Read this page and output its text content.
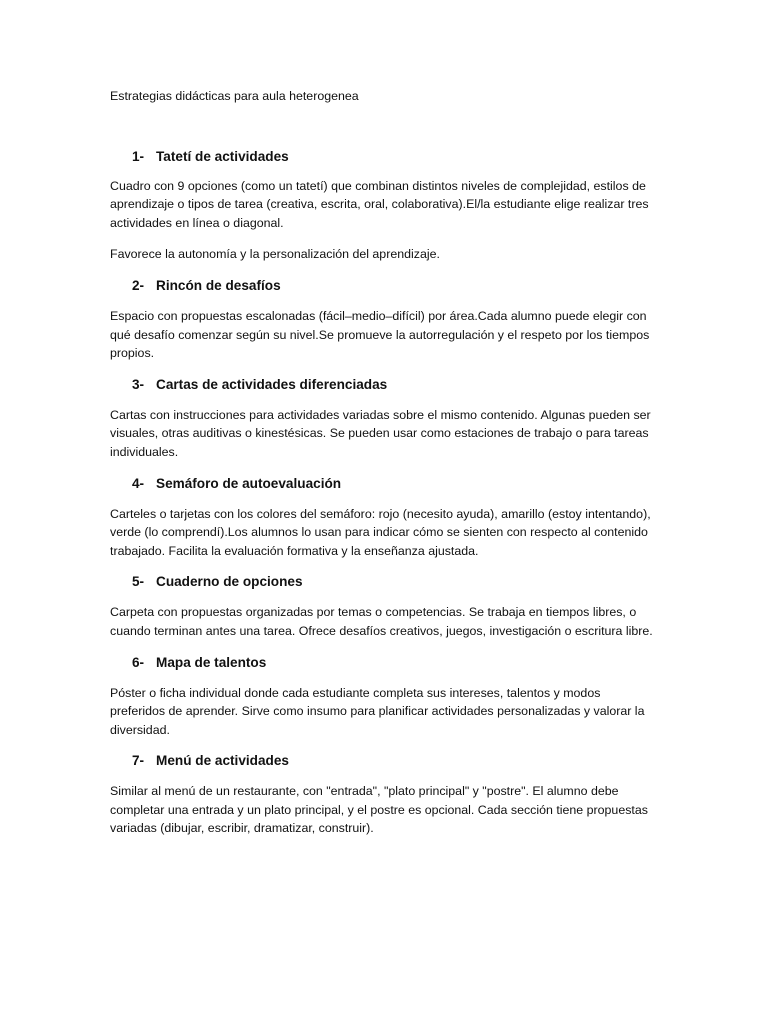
Estrategias didácticas para aula heterogenea

1- Tatetí de actividades

Cuadro con 9 opciones (como un tatetí) que combinan distintos niveles de complejidad, estilos de aprendizaje o tipos de tarea (creativa, escrita, oral, colaborativa).El/la estudiante elige realizar tres actividades en línea o diagonal.

Favorece la autonomía y la personalización del aprendizaje.

2- Rincón de desafíos

Espacio con propuestas escalonadas (fácil–medio–difícil) por área.Cada alumno puede elegir con qué desafío comenzar según su nivel.Se promueve la autorregulación y el respeto por los tiempos propios.

3- Cartas de actividades diferenciadas

Cartas con instrucciones para actividades variadas sobre el mismo contenido. Algunas pueden ser visuales, otras auditivas o kinestésicas. Se pueden usar como estaciones de trabajo o para tareas individuales.

4- Semáforo de autoevaluación

Carteles o tarjetas con los colores del semáforo: rojo (necesito ayuda), amarillo (estoy intentando), verde (lo comprendí).Los alumnos lo usan para indicar cómo se sienten con respecto al contenido trabajado. Facilita la evaluación formativa y la enseñanza ajustada.

5- Cuaderno de opciones

Carpeta con propuestas organizadas por temas o competencias. Se trabaja en tiempos libres, o cuando terminan antes una tarea. Ofrece desafíos creativos, juegos, investigación o escritura libre.

6- Mapa de talentos

Póster o ficha individual donde cada estudiante completa sus intereses, talentos y modos preferidos de aprender. Sirve como insumo para planificar actividades personalizadas y valorar la diversidad.

7- Menú de actividades

Similar al menú de un restaurante, con "entrada", "plato principal" y "postre". El alumno debe completar una entrada y un plato principal, y el postre es opcional. Cada sección tiene propuestas variadas (dibujar, escribir, dramatizar, construir).
